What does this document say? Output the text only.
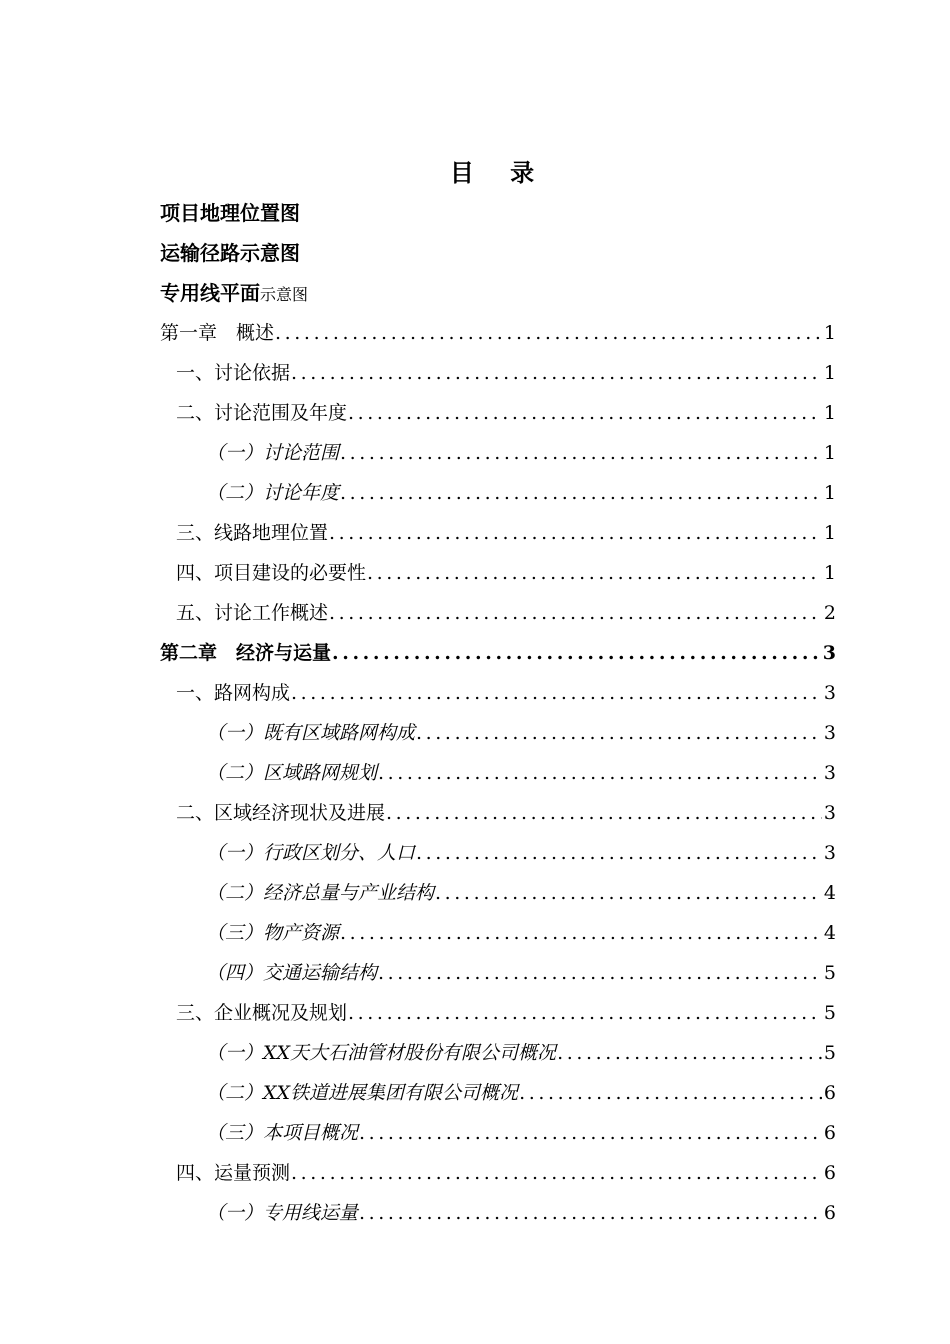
目 录
项目地理位置图
运输径路示意图
专用线平面示意图
第一章　概述 .....	1
一、讨论依据 .....	1
二、讨论范围及年度 .....	1
（一）讨论范围 .....	1
（二）讨论年度 .....	1
三、线路地理位置 .....	1
四、项目建设的必要性 .....	1
五、讨论工作概述 .....	2
第二章　经济与运量 .....	3
一、路网构成 .....	3
（一）既有区域路网构成 .....	3
（二）区域路网规划 .....	3
二、区域经济现状及进展 .....	3
（一）行政区划分、人口 .....	3
（二）经济总量与产业结构 .....	4
（三）物产资源 .....	4
（四）交通运输结构 .....	5
三、企业概况及规划 .....	5
（一）XX天大石油管材股份有限公司概况 .....	5
（二）XX铁道进展集团有限公司概况 .....	6
（三）本项目概况 .....	6
四、运量预测 .....	6
（一）专用线运量 .....	6
